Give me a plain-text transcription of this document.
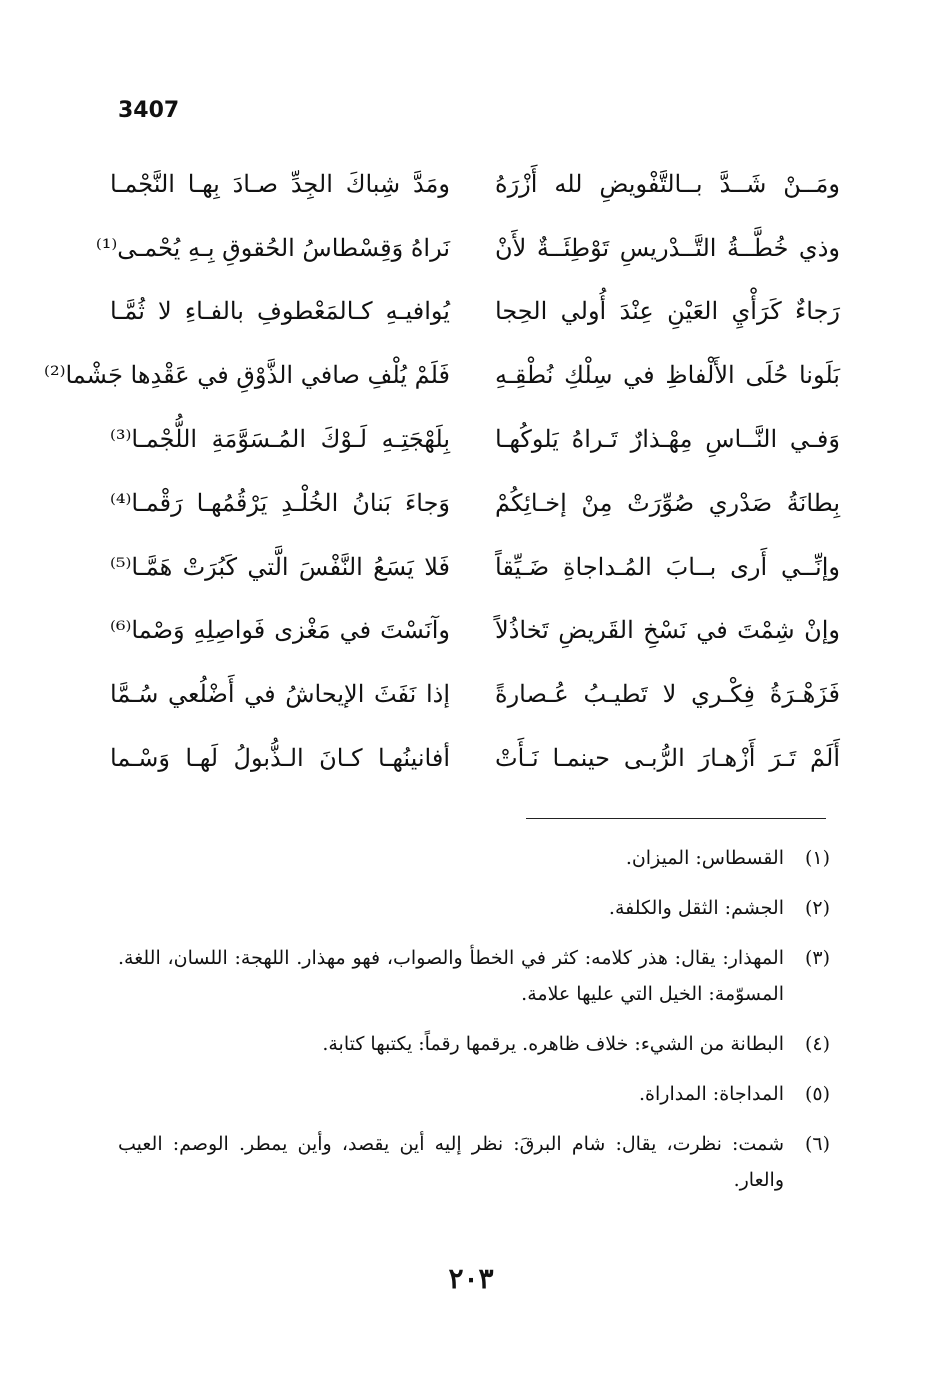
3407
ومَــنْ شَــدَّ بــالتَّفْويضِ لله أَزْرَهُ
ومَدَّ شِباكَ الجِدِّ صـادَ بِهـا النَّجْمـا
وذي خُطَّــةُ التَّــدْريسِ تَوْطِئَــةٌ لأَنْ
نَراهُ وَقِسْطاسُ الحُقوقِ بِـهِ يُحْمـى⁽¹⁾
رَجاءٌ كَرَأْيِ العَيْنِ عِنْدَ أُولي الحِجا
يُوافيـهِ كـالمَعْطوفِ بالفـاءِ لا ثُمَّـا
بَلَونا حُلَى الأَلْفاظِ في سِلْكِ نُطْقِـهِ
فَلَمْ يُلْفِ صافي الذَّوْقِ في عَقْدِها جَشْما⁽²⁾
وَفـي النَّــاسِ مِهْـذارٌ تَـراهُ يَلوكُهـا
بِلَهْجَتِـهِ لَـوْكَ المُـسَوَّمَةِ اللُّجْمـا⁽³⁾
بِطانَةُ صَدْري صُوِّرَتْ مِنْ إخـائِكُمْ
وَجاءَ بَنانُ الخُلْـدِ يَرْقُمُهـا رَقْمـا⁽⁴⁾
وإنِّــي أَرى بــابَ المُـداجاةِ ضَـيِّقاً
فَلا يَسَعُ النَّفْسَ الَّتي كَبُرَتْ هَمَّـا⁽⁵⁾
وإنْ شِمْتَ في نَسْخِ القَريضِ تَخاذُلاً
وآنَسْتَ في مَغْزى فَواصِلِهِ وَصْما⁽⁶⁾
فَزَهْـرَةُ فِكْـري لا تَطيـبُ عُـصارةً
إذا نَفَثَ الإيحاشُ في أَضْلُعي سُـمَّا
أَلَمْ تَـرَ أَزْهـارَ الرُّبـى حينمـا نَـأَتْ
أفانينُهـا كـانَ الـذُّبولُ لَهـا وَسْـما
(١)
القسطاس: الميزان.
(٢)
الجشم: الثقل والكلفة.
(٣)
المهذار: يقال: هذر كلامه: كثر في الخطأ والصواب، فهو مهذار. اللهجة: اللسان، اللغة. المسوّمة: الخيل التي عليها علامة.
(٤)
البطانة من الشيء: خلاف ظاهره. يرقمها رقماً: يكتبها كتابة.
(٥)
المداجاة: المداراة.
(٦)
شمت: نظرت، يقال: شام البرقَ: نظر إليه أين يقصد، وأين يمطر. الوصم: العيب والعار.
٢٠٣
